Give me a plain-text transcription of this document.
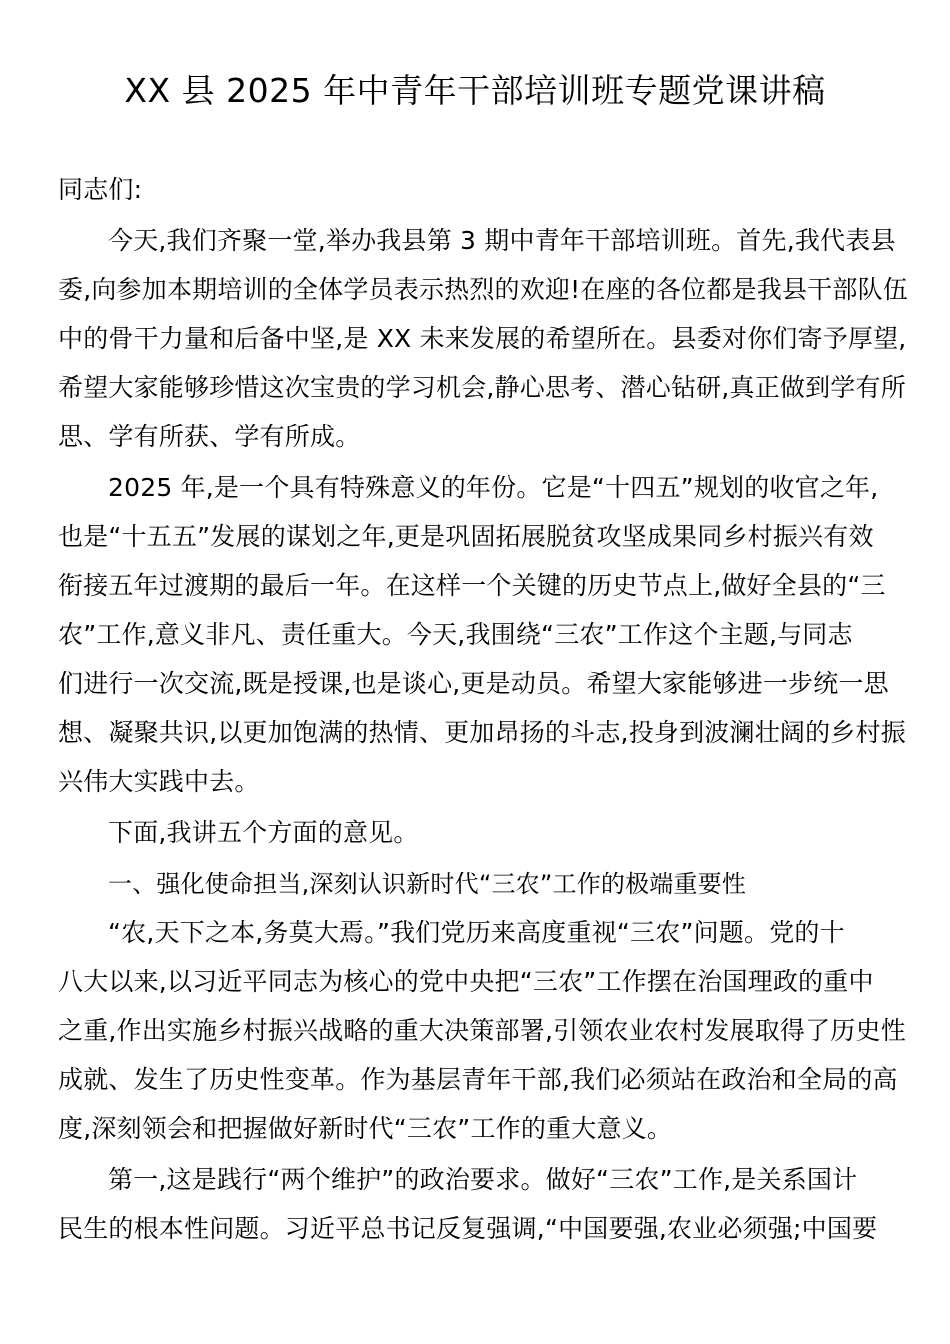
XX 县 2025 年中青年干部培训班专题党课讲稿

同志们:

今天,我们齐聚一堂,举办我县第 3 期中青年干部培训班。首先,我代表县

委,向参加本期培训的全体学员表示热烈的欢迎!在座的各位都是我县干部队伍

中的骨干力量和后备中坚,是 XX 未来发展的希望所在。县委对你们寄予厚望,

希望大家能够珍惜这次宝贵的学习机会,静心思考、潜心钻研,真正做到学有所

思、学有所获、学有所成。

2025 年,是一个具有特殊意义的年份。它是“十四五”规划的收官之年,

也是“十五五”发展的谋划之年,更是巩固拓展脱贫攻坚成果同乡村振兴有效

衔接五年过渡期的最后一年。在这样一个关键的历史节点上,做好全县的“三

农”工作,意义非凡、责任重大。今天,我围绕“三农”工作这个主题,与同志

们进行一次交流,既是授课,也是谈心,更是动员。希望大家能够进一步统一思

想、凝聚共识,以更加饱满的热情、更加昂扬的斗志,投身到波澜壮阔的乡村振

兴伟大实践中去。

下面,我讲五个方面的意见。

一、强化使命担当,深刻认识新时代“三农”工作的极端重要性

“农,天下之本,务莫大焉。”我们党历来高度重视“三农”问题。党的十

八大以来,以习近平同志为核心的党中央把“三农”工作摆在治国理政的重中

之重,作出实施乡村振兴战略的重大决策部署,引领农业农村发展取得了历史性

成就、发生了历史性变革。作为基层青年干部,我们必须站在政治和全局的高

度,深刻领会和把握做好新时代“三农”工作的重大意义。

第一,这是践行“两个维护”的政治要求。做好“三农”工作,是关系国计

民生的根本性问题。习近平总书记反复强调,“中国要强,农业必须强;中国要
